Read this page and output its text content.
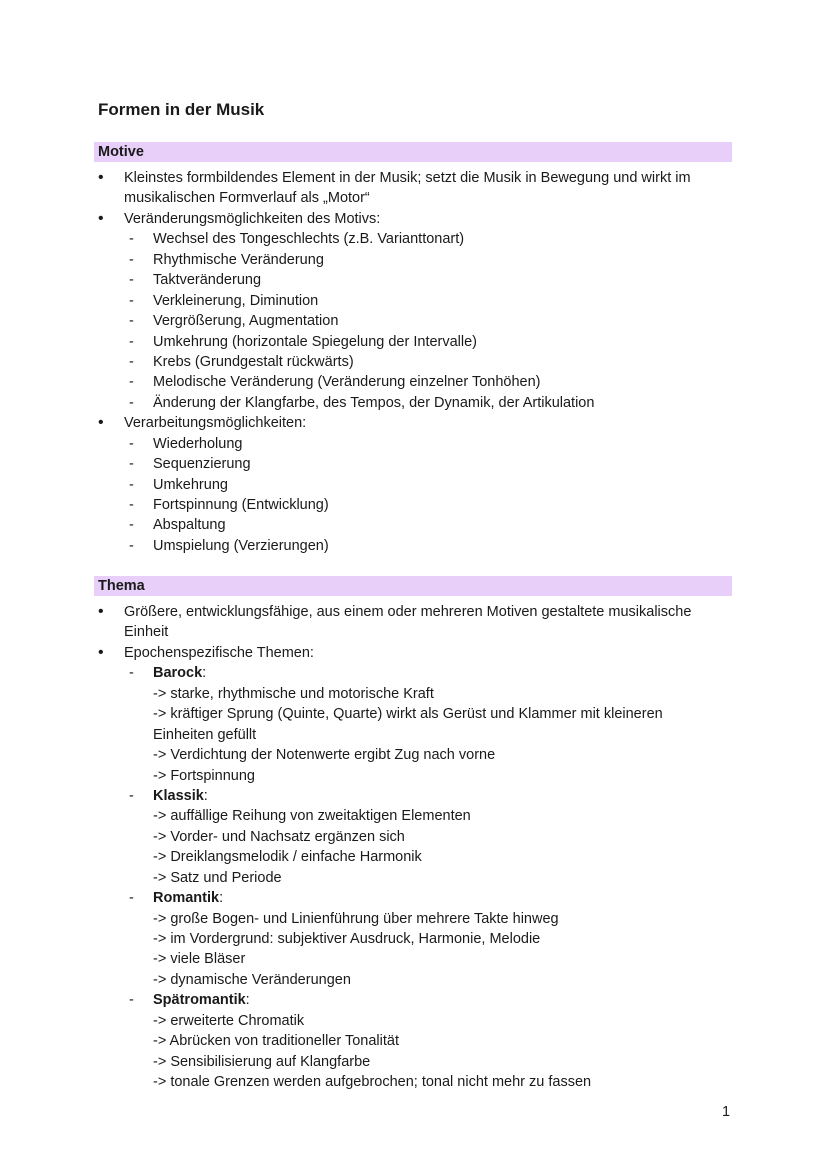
Formen in der Musik
Motive
• Kleinstes formbildendes Element in der Musik; setzt die Musik in Bewegung und wirkt im
musikalischen Formverlauf als „Motor“
• Veränderungsmöglichkeiten des Motivs:
- Wechsel des Tongeschlechts (z.B. Varianttonart)
- Rhythmische Veränderung
- Taktveränderung
- Verkleinerung, Diminution
- Vergrößerung, Augmentation
- Umkehrung (horizontale Spiegelung der Intervalle)
- Krebs (Grundgestalt rückwärts)
- Melodische Veränderung (Veränderung einzelner Tonhöhen)
- Änderung der Klangfarbe, des Tempos, der Dynamik, der Artikulation
• Verarbeitungsmöglichkeiten:
- Wiederholung
- Sequenzierung
- Umkehrung
- Fortspinnung (Entwicklung)
- Abspaltung
- Umspielung (Verzierungen)
Thema
• Größere, entwicklungsfähige, aus einem oder mehreren Motiven gestaltete musikalische
Einheit
• Epochenspezifische Themen:
- Barock:
-> starke, rhythmische und motorische Kraft
-> kräftiger Sprung (Quinte, Quarte) wirkt als Gerüst und Klammer mit kleineren
Einheiten gefüllt
-> Verdichtung der Notenwerte ergibt Zug nach vorne
-> Fortspinnung
- Klassik:
-> auffällige Reihung von zweitaktigen Elementen
-> Vorder- und Nachsatz ergänzen sich
-> Dreiklangsmelodik / einfache Harmonik
-> Satz und Periode
- Romantik:
-> große Bogen- und Linienführung über mehrere Takte hinweg
-> im Vordergrund: subjektiver Ausdruck, Harmonie, Melodie
-> viele Bläser
-> dynamische Veränderungen
- Spätromantik:
-> erweiterte Chromatik
-> Abrücken von traditioneller Tonalität
-> Sensibilisierung auf Klangfarbe
-> tonale Grenzen werden aufgebrochen; tonal nicht mehr zu fassen
1
